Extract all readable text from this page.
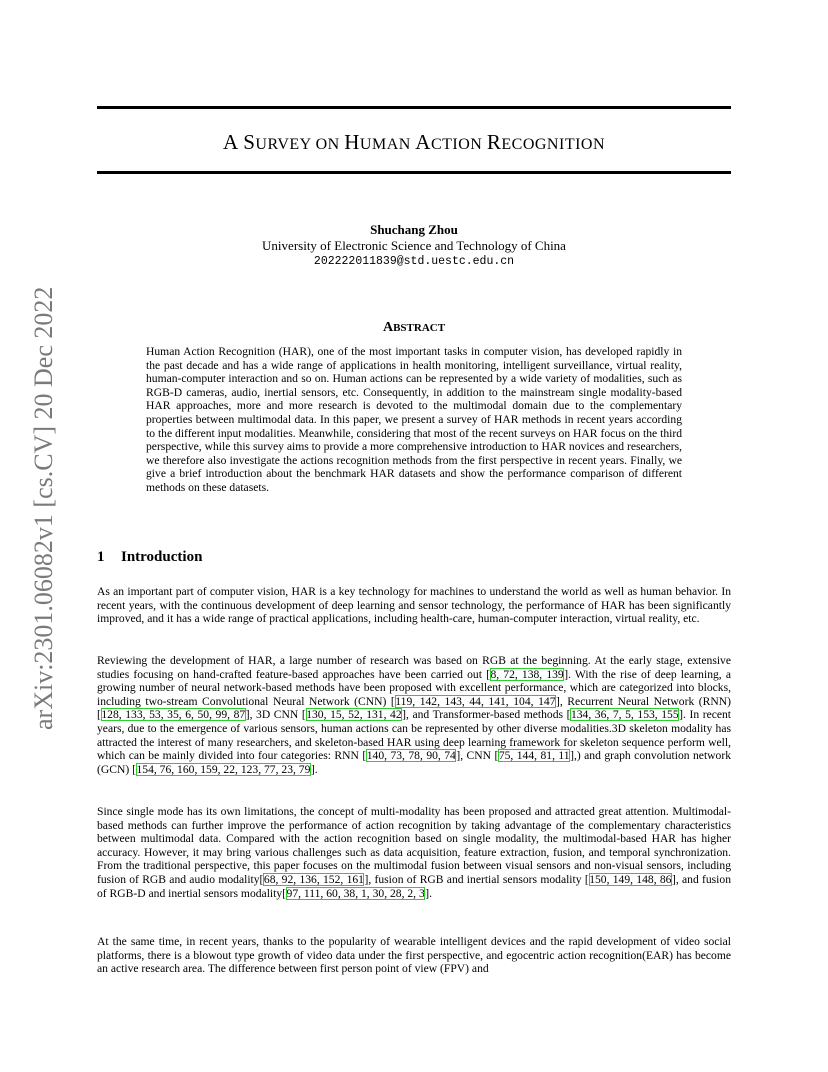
A SURVEY ON HUMAN ACTION RECOGNITION
Shuchang Zhou
University of Electronic Science and Technology of China
202222011839@std.uestc.edu.cn
arXiv:2301.06082v1 [cs.CV] 20 Dec 2022	ABSTRACT
Human Action Recognition (HAR), one of the most important tasks in computer vision, has developed rapidly in the past decade and has a wide range of applications in health monitoring, intelligent surveillance, virtual reality, human-computer interaction and so on. Human actions can be represented by a wide variety of modalities, such as RGB-D cameras, audio, inertial sensors, etc. Consequently, in addition to the mainstream single modality-based HAR approaches, more and more research is devoted to the multimodal domain due to the complementary properties between multimodal data. In this paper, we present a survey of HAR methods in recent years according to the different input modalities. Meanwhile, considering that most of the recent surveys on HAR focus on the third perspective, while this survey aims to provide a more comprehensive introduction to HAR novices and researchers, we therefore also investigate the actions recognition methods from the first perspective in recent years. Finally, we give a brief introduction about the benchmark HAR datasets and show the performance comparison of different methods on these datasets.
1 Introduction

As an important part of computer vision, HAR is a key technology for machines to understand the world as well as human behavior. In recent years, with the continuous development of deep learning and sensor technology, the performance of HAR has been significantly improved, and it has a wide range of practical applications, including health-care, human-computer interaction, virtual reality, etc.

Reviewing the development of HAR, a large number of research was based on RGB at the beginning. At the early stage, extensive studies focusing on hand-crafted feature-based approaches have been carried out [8, 72, 138, 139]. With the rise of deep learning, a growing number of neural network-based methods have been proposed with excellent performance, which are categorized into blocks, including two-stream Convolutional Neural Network (CNN) [119, 142, 143, 44, 141, 104, 147], Recurrent Neural Network (RNN) [128, 133, 53, 35, 6, 50, 99, 87], 3D CNN [130, 15, 52, 131, 42], and Transformer-based methods [134, 36, 7, 5, 153, 155]. In recent years, due to the emergence of various sensors, human actions can be represented by other diverse modalities.3D skeleton modality has attracted the interest of many researchers, and skeleton-based HAR using deep learning framework for skeleton sequence perform well, which can be mainly divided into four categories: RNN [140, 73, 78, 90, 74], CNN [75, 144, 81, 11],) and graph convolution network (GCN) [154, 76, 160, 159, 22, 123, 77, 23, 79].

Since single mode has its own limitations, the concept of multi-modality has been proposed and attracted great attention. Multimodal-based methods can further improve the performance of action recognition by taking advantage of the complementary characteristics between multimodal data. Compared with the action recognition based on single modality, the multimodal-based HAR has higher accuracy. However, it may bring various challenges such as data acquisition, feature extraction, fusion, and temporal synchronization. From the traditional perspective, this paper focuses on the multimodal fusion between visual sensors and non-visual sensors, including fusion of RGB and audio modality[68, 92, 136, 152, 161], fusion of RGB and inertial sensors modality [150, 149, 148, 86], and fusion of RGB-D and inertial sensors modality[97, 111, 60, 38, 1, 30, 28, 2, 3].

At the same time, in recent years, thanks to the popularity of wearable intelligent devices and the rapid development of video social platforms, there is a blowout type growth of video data under the first perspective, and egocentric action recognition(EAR) has become an active research area. The difference between first person point of view (FPV) and
